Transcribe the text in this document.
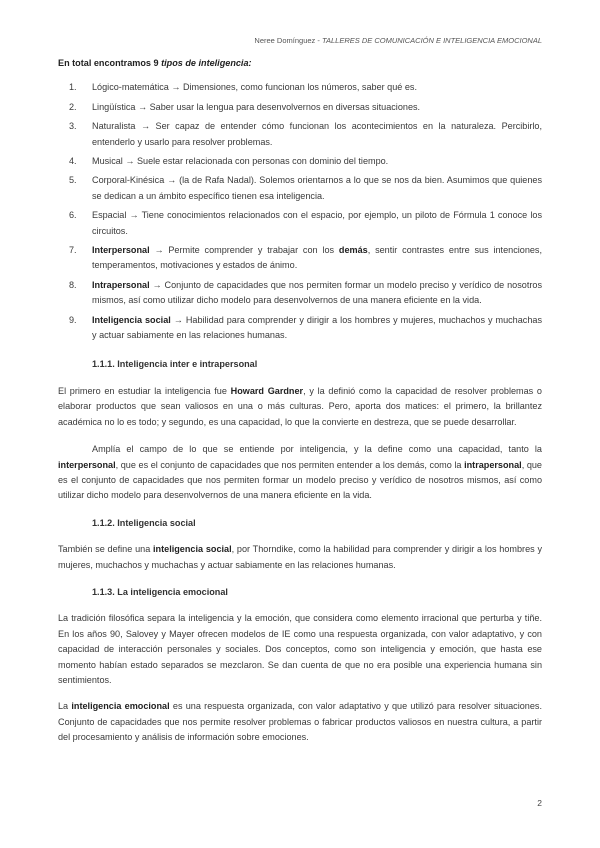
Neree Domínguez - TALLERES DE COMUNICACIÓN E INTELIGENCIA EMOCIONAL

En total encontramos 9 tipos de inteligencia:

1. Lógico-matemática → Dimensiones, como funcionan los números, saber qué es.
2. Lingüística → Saber usar la lengua para desenvolvernos en diversas situaciones.
3. Naturalista → Ser capaz de entender cómo funcionan los acontecimientos en la naturaleza. Percibirlo, entenderlo y usarlo para resolver problemas.
4. Musical → Suele estar relacionada con personas con dominio del tiempo.
5. Corporal-Kinésica → (la de Rafa Nadal). Solemos orientarnos a lo que se nos da bien. Asumimos que quienes se dedican a un ámbito específico tienen esa inteligencia.
6. Espacial → Tiene conocimientos relacionados con el espacio, por ejemplo, un piloto de Fórmula 1 conoce los circuitos.
7. Interpersonal → Permite comprender y trabajar con los demás, sentir contrastes entre sus intenciones, temperamentos, motivaciones y estados de ánimo.
8. Intrapersonal → Conjunto de capacidades que nos permiten formar un modelo preciso y verídico de nosotros mismos, así como utilizar dicho modelo para desenvolvernos de una manera eficiente en la vida.
9. Inteligencia social → Habilidad para comprender y dirigir a los hombres y mujeres, muchachos y muchachas y actuar sabiamente en las relaciones humanas.
1.1.1. Inteligencia inter e intrapersonal

El primero en estudiar la inteligencia fue Howard Gardner, y la definió como la capacidad de resolver problemas o elaborar productos que sean valiosos en una o más culturas. Pero, aporta dos matices: el primero, la brillantez académica no lo es todo; y segundo, es una capacidad, lo que la convierte en destreza, que se puede desarrollar.

Amplía el campo de lo que se entiende por inteligencia, y la define como una capacidad, tanto la interpersonal, que es el conjunto de capacidades que nos permiten entender a los demás, como la intrapersonal, que es el conjunto de capacidades que nos permiten formar un modelo preciso y verídico de nosotros mismos, así como utilizar dicho modelo para desenvolvernos de una manera eficiente en la vida.

1.1.2. Inteligencia social

También se define una inteligencia social, por Thorndike, como la habilidad para comprender y dirigir a los hombres y mujeres, muchachos y muchachas y actuar sabiamente en las relaciones humanas.

1.1.3. La inteligencia emocional

La tradición filosófica separa la inteligencia y la emoción, que considera como elemento irracional que perturba y tiñe. En los años 90, Salovey y Mayer ofrecen modelos de IE como una respuesta organizada, con valor adaptativo, y con capacidad de interacción personales y sociales. Dos conceptos, como son inteligencia y emoción, que hasta ese momento habían estado separados se mezclaron. Se dan cuenta de que no era posible una experiencia humana sin sentimientos.

La inteligencia emocional es una respuesta organizada, con valor adaptativo y que utilizó para resolver situaciones. Conjunto de capacidades que nos permite resolver problemas o fabricar productos valiosos en nuestra cultura, a partir del procesamiento y análisis de información sobre emociones.

2
